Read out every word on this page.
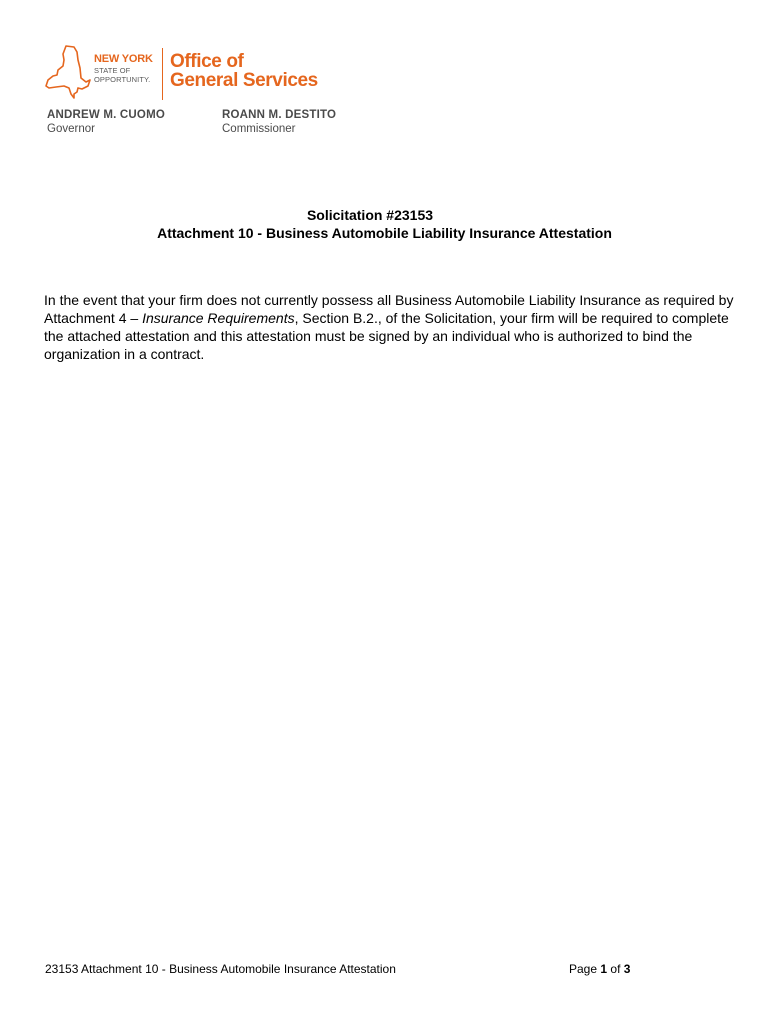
NEW YORK
STATE OF
OPPORTUNITY.
Office of
General Services
ANDREW M. CUOMO
Governor
ROANN M. DESTITO
Commissioner
Solicitation #23153
Attachment 10 - Business Automobile Liability Insurance Attestation

In the event that your firm does not currently possess all Business Automobile Liability Insurance as required by Attachment 4 – Insurance Requirements, Section B.2., of the Solicitation, your firm will be required to complete the attached attestation and this attestation must be signed by an individual who is authorized to bind the organization in a contract.

23153 Attachment 10 - Business Automobile Insurance Attestation	Page 1 of 3
